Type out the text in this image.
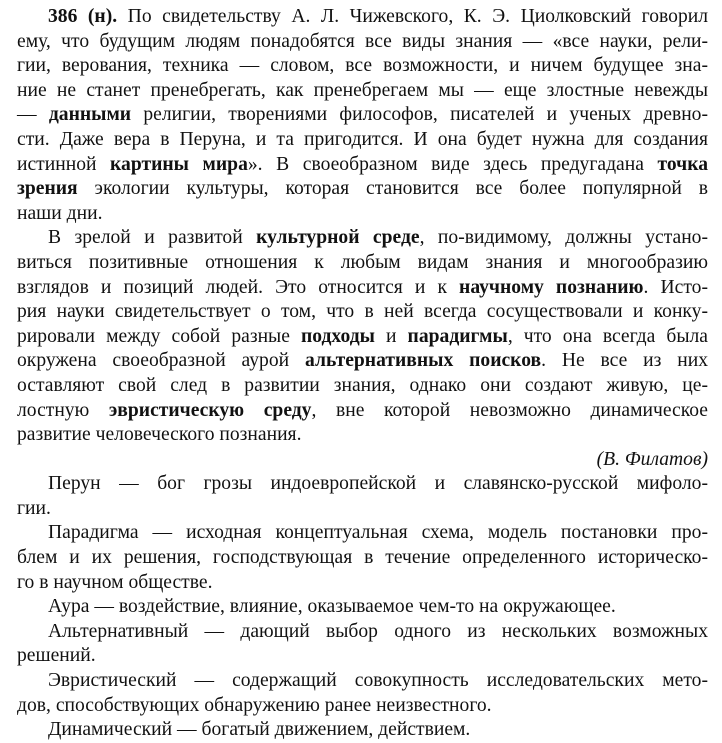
386 (н). По свидетельству А. Л. Чижевского, К. Э. Циолковский говорил
ему, что будущим людям понадобятся все виды знания — «все науки, рели-
гии, верования, техника — словом, все возможности, и ничем будущее зна-
ние не станет пренебрегать, как пренебрегаем мы — еще злостные невежды
— данными религии, творениями философов, писателей и ученых древно-
сти. Даже вера в Перуна, и та пригодится. И она будет нужна для создания
истинной картины мира». В своеобразном виде здесь предугадана точка
зрения экологии культуры, которая становится все более популярной в
наши дни.
В зрелой и развитой культурной среде, по-видимому, должны устано-
виться позитивные отношения к любым видам знания и многообразию
взглядов и позиций людей. Это относится и к научному познанию. Исто-
рия науки свидетельствует о том, что в ней всегда сосуществовали и конку-
рировали между собой разные подходы и парадигмы, что она всегда была
окружена своеобразной аурой альтернативных поисков. Не все из них
оставляют свой след в развитии знания, однако они создают живую, це-
лостную эвристическую среду, вне которой невозможно динамическое
развитие человеческого познания.
(В. Филатов)
Перун — бог грозы индоевропейской и славянско-русской мифоло-
гии.
Парадигма — исходная концептуальная схема, модель постановки про-
блем и их решения, господствующая в течение определенного историческо-
го в научном обществе.
Аура — воздействие, влияние, оказываемое чем-то на окружающее.
Альтернативный — дающий выбор одного из нескольких возможных
решений.
Эвристический — содержащий совокупность исследовательских мето-
дов, способствующих обнаружению ранее неизвестного.
Динамический — богатый движением, действием.
